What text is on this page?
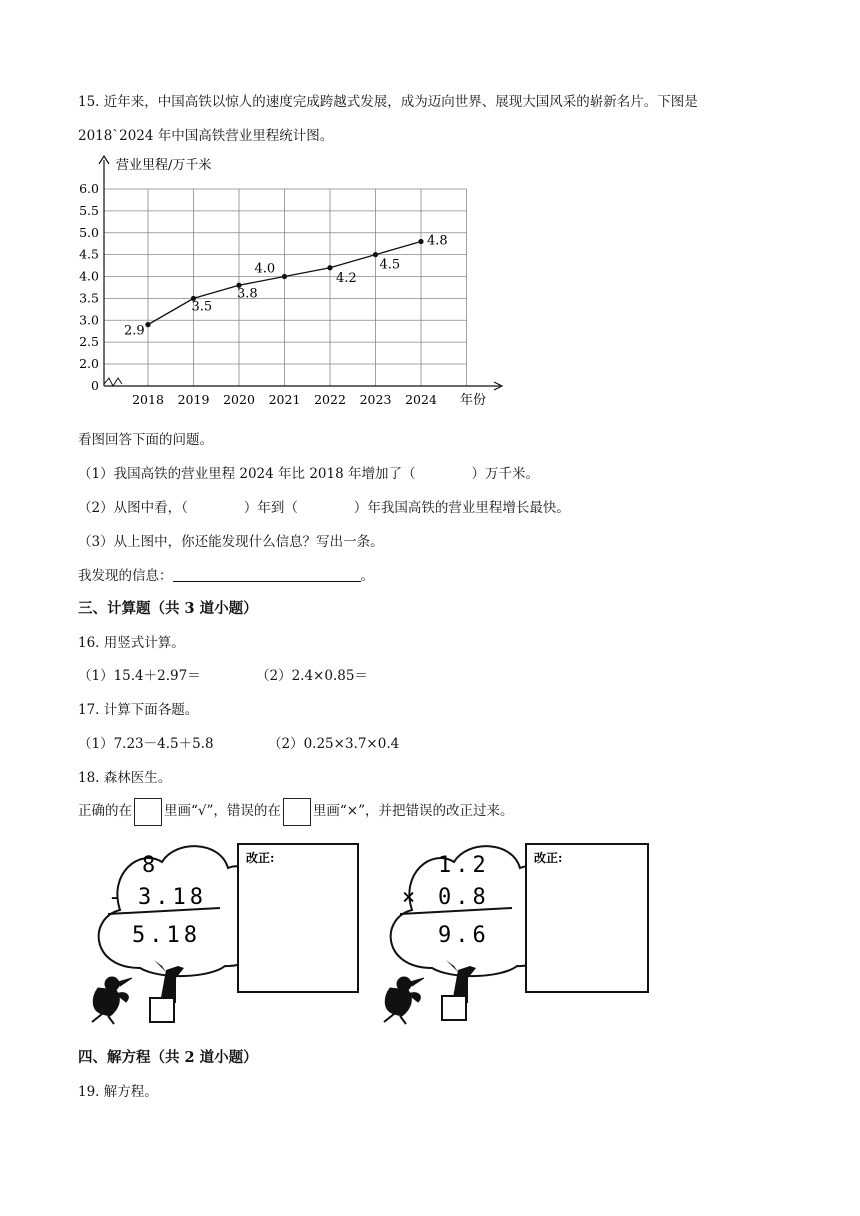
15. 近年来，中国高铁以惊人的速度完成跨越式发展，成为迈向世界、展现大国风采的崭新名片。下图是
2018`2024 年中国高铁营业里程统计图。
0
2.0
2.5
3.0
3.5
4.0
4.5
5.0
5.5
6.0
2018 2019 2020 2021 2022 2023 2024
营业里程/万千米
年份
2.9
3.5
3.8
4.0
4.2
4.5
4.8
看图回答下面的问题。
（1）我国高铁的营业里程 2024 年比 2018 年增加了（	）万千米。
（2）从图中看，（	）年到（	）年我国高铁的营业里程增长最快。
（3）从上图中，你还能发现什么信息？写出一条。
我发现的信息：	。
三、计算题（共 3 道小题）
16. 用竖式计算。
（1）15.4＋2.97＝	（2）2.4×0.85＝
17. 计算下面各题。
（1）7.23－4.5＋5.8	（2）0.25×3.7×0.4
18. 森林医生。
正确的在 里画“√”，错误的在 里画“×”，并把错误的改正过来。
8
- 3.18
5.18
改正:	1.2
× 0.8
9.6
改正:
四、解方程（共 2 道小题）
19. 解方程。
